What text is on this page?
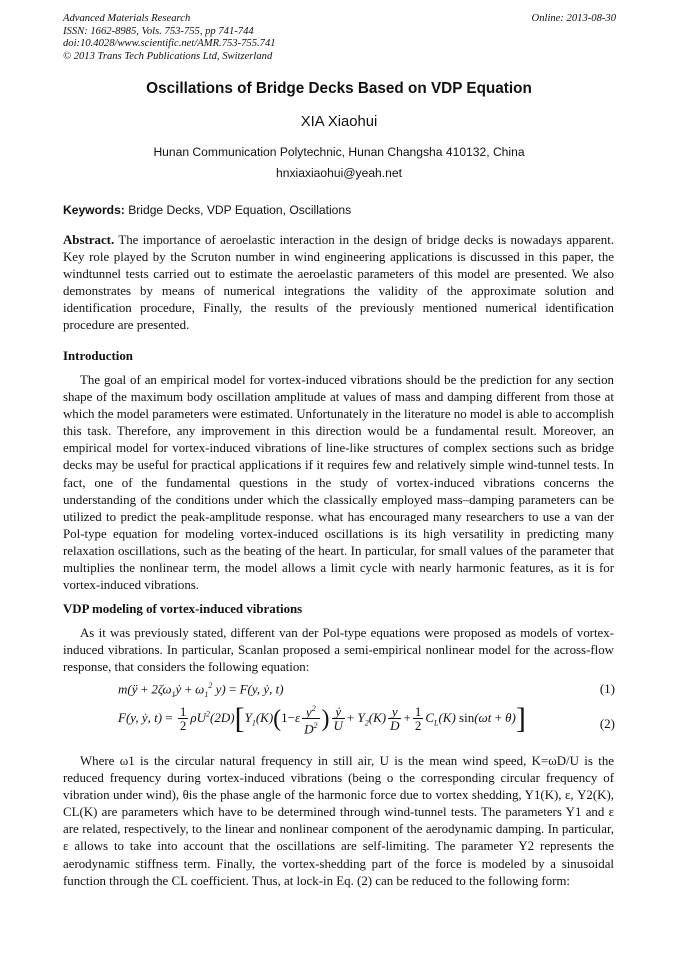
Advanced Materials Research
ISSN: 1662-8985, Vols. 753-755, pp 741-744
doi:10.4028/www.scientific.net/AMR.753-755.741
© 2013 Trans Tech Publications Ltd, Switzerland
Online: 2013-08-30
Oscillations of Bridge Decks Based on VDP Equation
XIA Xiaohui
Hunan Communication Polytechnic, Hunan Changsha 410132, China
hnxiaxiaohui@yeah.net
Keywords: Bridge Decks, VDP Equation, Oscillations

Abstract. The importance of aeroelastic interaction in the design of bridge decks is nowadays apparent. Key role played by the Scruton number in wind engineering applications is discussed in this paper, the windtunnel tests carried out to estimate the aeroelastic parameters of this model are presented. We also demonstrates by means of numerical integrations the validity of the approximate solution and identification procedure, Finally, the results of the previously mentioned numerical identification procedure are presented.

Introduction

The goal of an empirical model for vortex-induced vibrations should be the prediction for any section shape of the maximum body oscillation amplitude at values of mass and damping different from those at which the model parameters were estimated. Unfortunately in the literature no model is able to accomplish this task. Therefore, any improvement in this direction would be a fundamental result. Moreover, an empirical model for vortex-induced vibrations of line-like structures of complex sections such as bridge decks may be useful for practical applications if it requires few and relatively simple wind-tunnel tests. In fact, one of the fundamental questions in the study of vortex-induced vibrations concerns the understanding of the conditions under which the classically employed mass–damping parameters can be utilized to predict the peak-amplitude response. what has encouraged many researchers to use a van der Pol-type equation for modeling vortex-induced oscillations is its high versatility in predicting many relaxation oscillations, such as the beating of the heart. In particular, for small values of the parameter that multiplies the nonlinear term, the model allows a limit cycle with nearly harmonic features, as it is for vortex-induced vibrations.

VDP modeling of vortex-induced vibrations

As it was previously stated, different van der Pol-type equations were proposed as models of vortex-induced vibrations. In particular, Scanlan proposed a semi-empirical nonlinear model for the across-flow response, that considers the following equation:

m(ÿ + $2\zeta\omega_1ẏ + \omega_1^2$ y) = F(y, ẏ, t)	(1)
F(y, ẏ, $t) = \frac{1}{2} \rho U^2(2D)[Y_1(K)(1-\varepsilon \frac{y^2}{D^2}$ ) $\frac{\text{ẏ}}{U} + Y_2(K) \frac{y}{D} + \frac{1}{2} C_L(K) \sin(\omega t + \theta)$]	(2)

Where ω1 is the circular natural frequency in still air, U is the mean wind speed, K=ωD/U is the reduced frequency during vortex-induced vibrations (being o the corresponding circular frequency of vibration under wind), θis the phase angle of the harmonic force due to vortex shedding, Y1(K), ε, Y2(K), CL(K) are parameters which have to be determined through wind-tunnel tests. The parameters Y1 and ε are related, respectively, to the linear and nonlinear component of the aerodynamic damping. In particular, ε allows to take into account that the oscillations are self-limiting. The parameter Y2 represents the aerodynamic stiffness term. Finally, the vortex-shedding part of the force is modeled by a sinusoidal function through the CL coefficient. Thus, at lock-in Eq. (2) can be reduced to the following form:
